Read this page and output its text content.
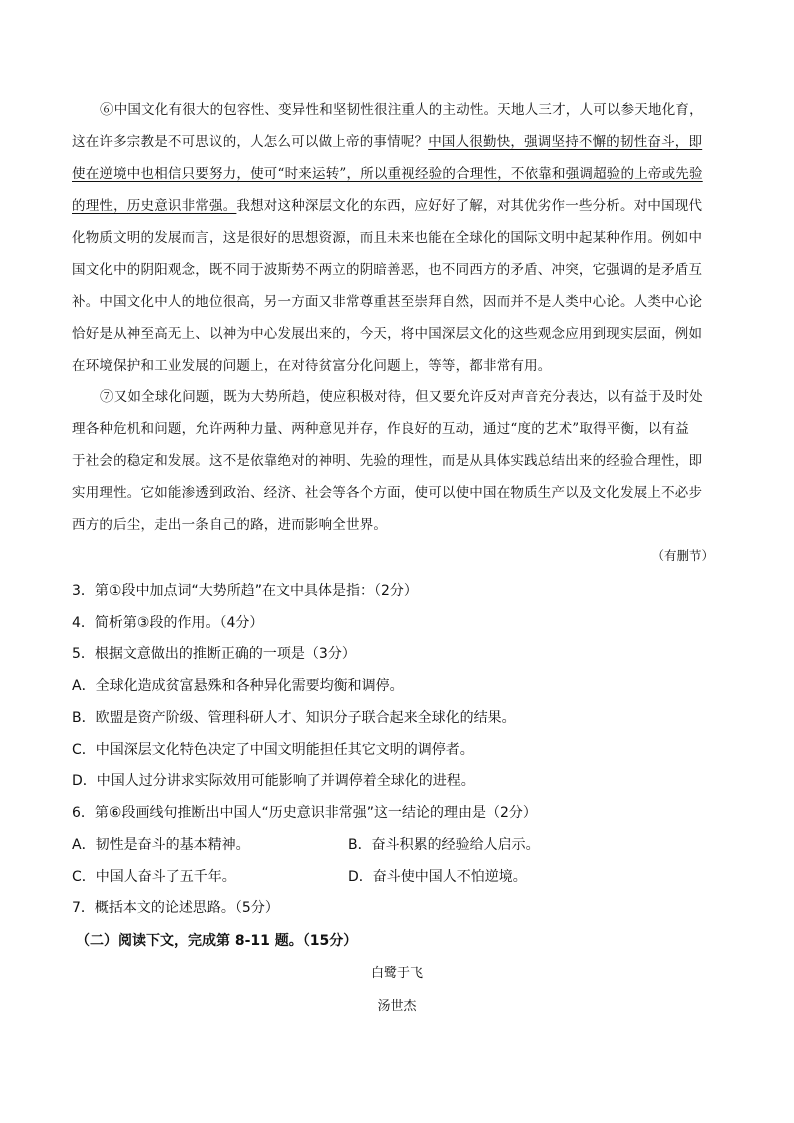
⑥中国文化有很大的包容性、变异性和坚韧性很注重人的主动性。天地人三才，人可以参天地化育，
这在许多宗教是不可思议的，人怎么可以做上帝的事情呢？中国人很勤快，强调坚持不懈的韧性奋斗，即
使在逆境中也相信只要努力，使可“时来运转”，所以重视经验的合理性，不依靠和强调超验的上帝或先验
的理性，历史意识非常强。我想对这种深层文化的东西，应好好了解，对其优劣作一些分析。对中国现代
化物质文明的发展而言，这是很好的思想资源，而且未来也能在全球化的国际文明中起某种作用。例如中
国文化中的阴阳观念，既不同于波斯势不两立的阴暗善恶，也不同西方的矛盾、冲突，它强调的是矛盾互
补。中国文化中人的地位很高，另一方面又非常尊重甚至崇拜自然，因而并不是人类中心论。人类中心论
恰好是从神至高无上、以神为中心发展出来的，今天，将中国深层文化的这些观念应用到现实层面，例如
在环境保护和工业发展的问题上，在对待贫富分化问题上，等等，都非常有用。
⑦又如全球化问题，既为大势所趋，使应积极对待，但又要允许反对声音充分表达，以有益于及时处
理各种危机和问题，允许两种力量、两种意见并存，作良好的互动，通过“度的艺术”取得平衡，以有益
于社会的稳定和发展。这不是依靠绝对的神明、先验的理性，而是从具体实践总结出来的经验合理性，即
实用理性。它如能渗透到政治、经济、社会等各个方面，使可以使中国在物质生产以及文化发展上不必步
西方的后尘，走出一条自己的路，进而影响全世界。
（有删节）
3．第①段中加点词“大势所趋”在文中具体是指：（2分）
4．简析第③段的作用。（4分）
5．根据文意做出的推断正确的一项是（3分）
A．全球化造成贫富悬殊和各种异化需要均衡和调停。
B．欧盟是资产阶级、管理科研人才、知识分子联合起来全球化的结果。
C．中国深层文化特色决定了中国文明能担任其它文明的调停者。
D．中国人过分讲求实际效用可能影响了并调停着全球化的进程。
6．第⑥段画线句推断出中国人“历史意识非常强”这一结论的理由是（2分）
A．韧性是奋斗的基本精神。	B．奋斗积累的经验给人启示。
C．中国人奋斗了五千年。	D．奋斗使中国人不怕逆境。
7．概括本文的论述思路。（5分）
（二）阅读下文，完成第 8-11 题。（15分）
白鹭于飞
汤世杰
